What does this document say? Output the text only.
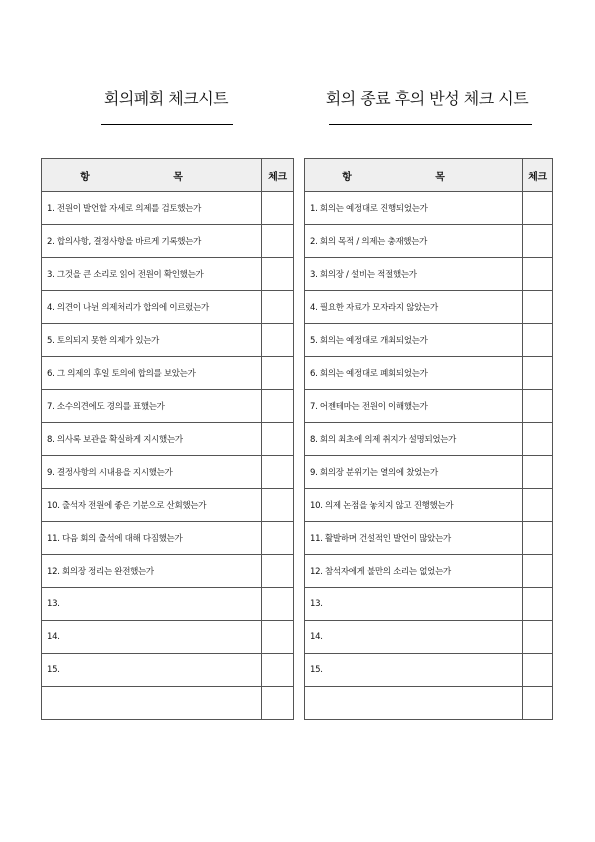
회의폐회 체크시트	회의 종료 후의 반성 체크 시트
항 목	체크
1. 전원이 발언할 자세로 의제를 검토했는가	
2. 합의사항, 결정사항을 바르게 기록했는가	
3. 그것을 큰 소리로 읽어 전원이 확인했는가	
4. 의견이 나뉜 의제처리가 합의에 이르렀는가	
5. 토의되지 못한 의제가 있는가	
6. 그 의제의 후일 토의에 합의를 보았는가	
7. 소수의견에도 경의를 표했는가	
8. 의사록 보관을 확실하게 지시했는가	
9. 결정사항의 시내용을 지시했는가	
10. 출석자 전원에 좋은 기분으로 산회했는가	
11. 다음 회의 출석에 대해 다짐했는가	
12. 회의장 정리는 완전했는가	
13.	
14.	
15.	

항 목	체크
1. 회의는 예정대로 진행되었는가	
2. 회의 목적 / 의제는 충재했는가	
3. 회의장 / 설비는 적절했는가	
4. 필요한 자료가 모자라지 않았는가	
5. 회의는 예정대로 개최되었는가	
6. 회의는 예정대로 폐회되었는가	
7. 어젠테마는 전원이 이해했는가	
8. 회의 최초에 의제 취지가 설명되었는가	
9. 회의장 분위기는 열의에 찼었는가	
10. 의제 논점을 놓치지 않고 진행했는가	
11. 활발하며 건설적인 발언이 많았는가	
12. 참석자에게 불만의 소리는 없었는가	
13.	
14.	
15.	
